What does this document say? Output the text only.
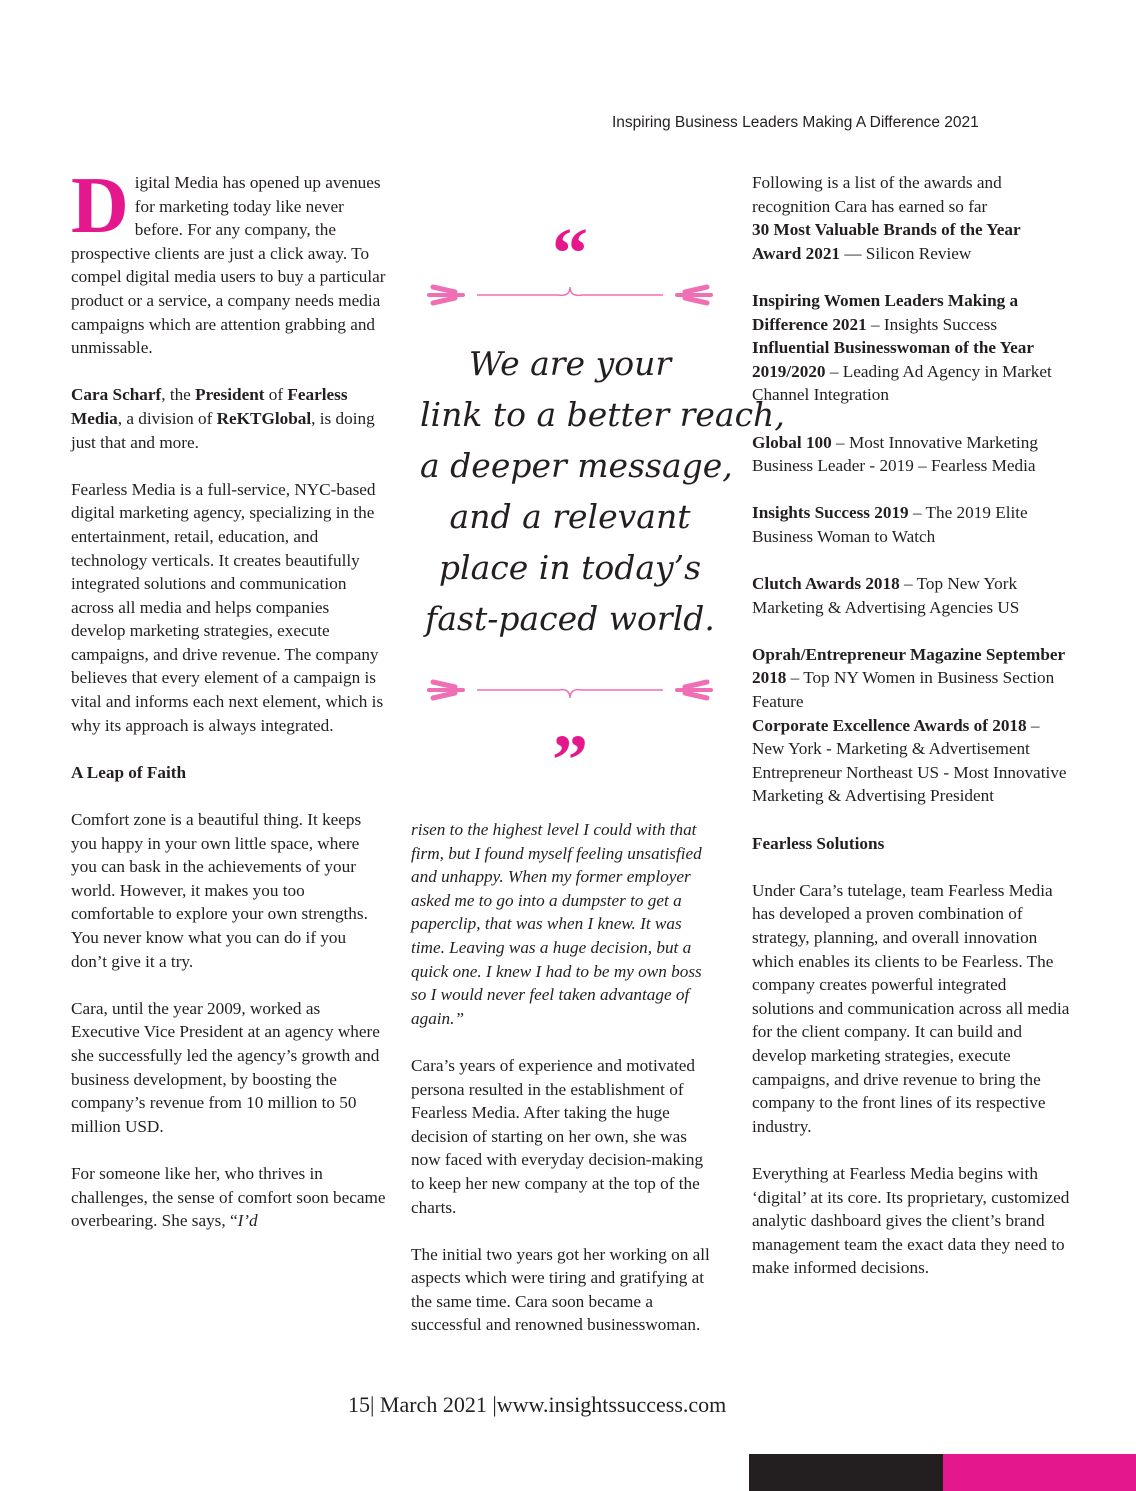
Inspiring Business Leaders Making A Difference 2021

Digital Media has opened up avenues for marketing today like never before. For any company, the prospective clients are just a click away. To compel digital media users to buy a particular product or a service, a company needs media campaigns which are attention grabbing and unmissable.

Cara Scharf, the President of Fearless Media, a division of ReKTGlobal, is doing just that and more.

Fearless Media is a full-service, NYC-based digital marketing agency, specializing in the entertainment, retail, education, and technology verticals. It creates beautifully integrated solutions and communication across all media and helps companies develop marketing strategies, execute campaigns, and drive revenue. The company believes that every element of a campaign is vital and informs each next element, which is why its approach is always integrated.

A Leap of Faith

Comfort zone is a beautiful thing. It keeps you happy in your own little space, where you can bask in the achievements of your world. However, it makes you too comfortable to explore your own strengths. You never know what you can do if you don’t give it a try.

Cara, until the year 2009, worked as Executive Vice President at an agency where she successfully led the agency’s growth and business development, by boosting the company’s revenue from 10 million to 50 million USD.

For someone like her, who thrives in challenges, the sense of comfort soon became overbearing. She says, “I’d

“
We are your
link to a better reach,
a deeper message,
and a relevant
place in today’s
fast-paced world.
”

risen to the highest level I could with that firm, but I found myself feeling unsatisfied and unhappy. When my former employer asked me to go into a dumpster to get a paperclip, that was when I knew. It was time. Leaving was a huge decision, but a quick one. I knew I had to be my own boss so I would never feel taken advantage of again.”

Cara’s years of experience and motivated persona resulted in the establishment of Fearless Media. After taking the huge decision of starting on her own, she was now faced with everyday decision-making to keep her new company at the top of the charts.

The initial two years got her working on all aspects which were tiring and gratifying at the same time. Cara soon became a successful and renowned businesswoman.

Following is a list of the awards and recognition Cara has earned so far
30 Most Valuable Brands of the Year Award 2021 — Silicon Review
Inspiring Women Leaders Making a Difference 2021 – Insights Success
Influential Businesswoman of the Year 2019/2020 – Leading Ad Agency in Market Channel Integration
Global 100 – Most Innovative Marketing Business Leader - 2019 – Fearless Media
Insights Success 2019 – The 2019 Elite Business Woman to Watch
Clutch Awards 2018 – Top New York Marketing & Advertising Agencies US
Oprah/Entrepreneur Magazine September 2018 – Top NY Women in Business Section Feature
Corporate Excellence Awards of 2018 – New York - Marketing & Advertisement Entrepreneur Northeast US - Most Innovative Marketing & Advertising President
Fearless Solutions

Under Cara’s tutelage, team Fearless Media has developed a proven combination of strategy, planning, and overall innovation which enables its clients to be Fearless. The company creates powerful integrated solutions and communication across all media for the client company. It can build and develop marketing strategies, execute campaigns, and drive revenue to bring the company to the front lines of its respective industry.

Everything at Fearless Media begins with ‘digital’ at its core. Its proprietary, customized analytic dashboard gives the client’s brand management team the exact data they need to make informed decisions.

15| March 2021 |www.insightssuccess.com
